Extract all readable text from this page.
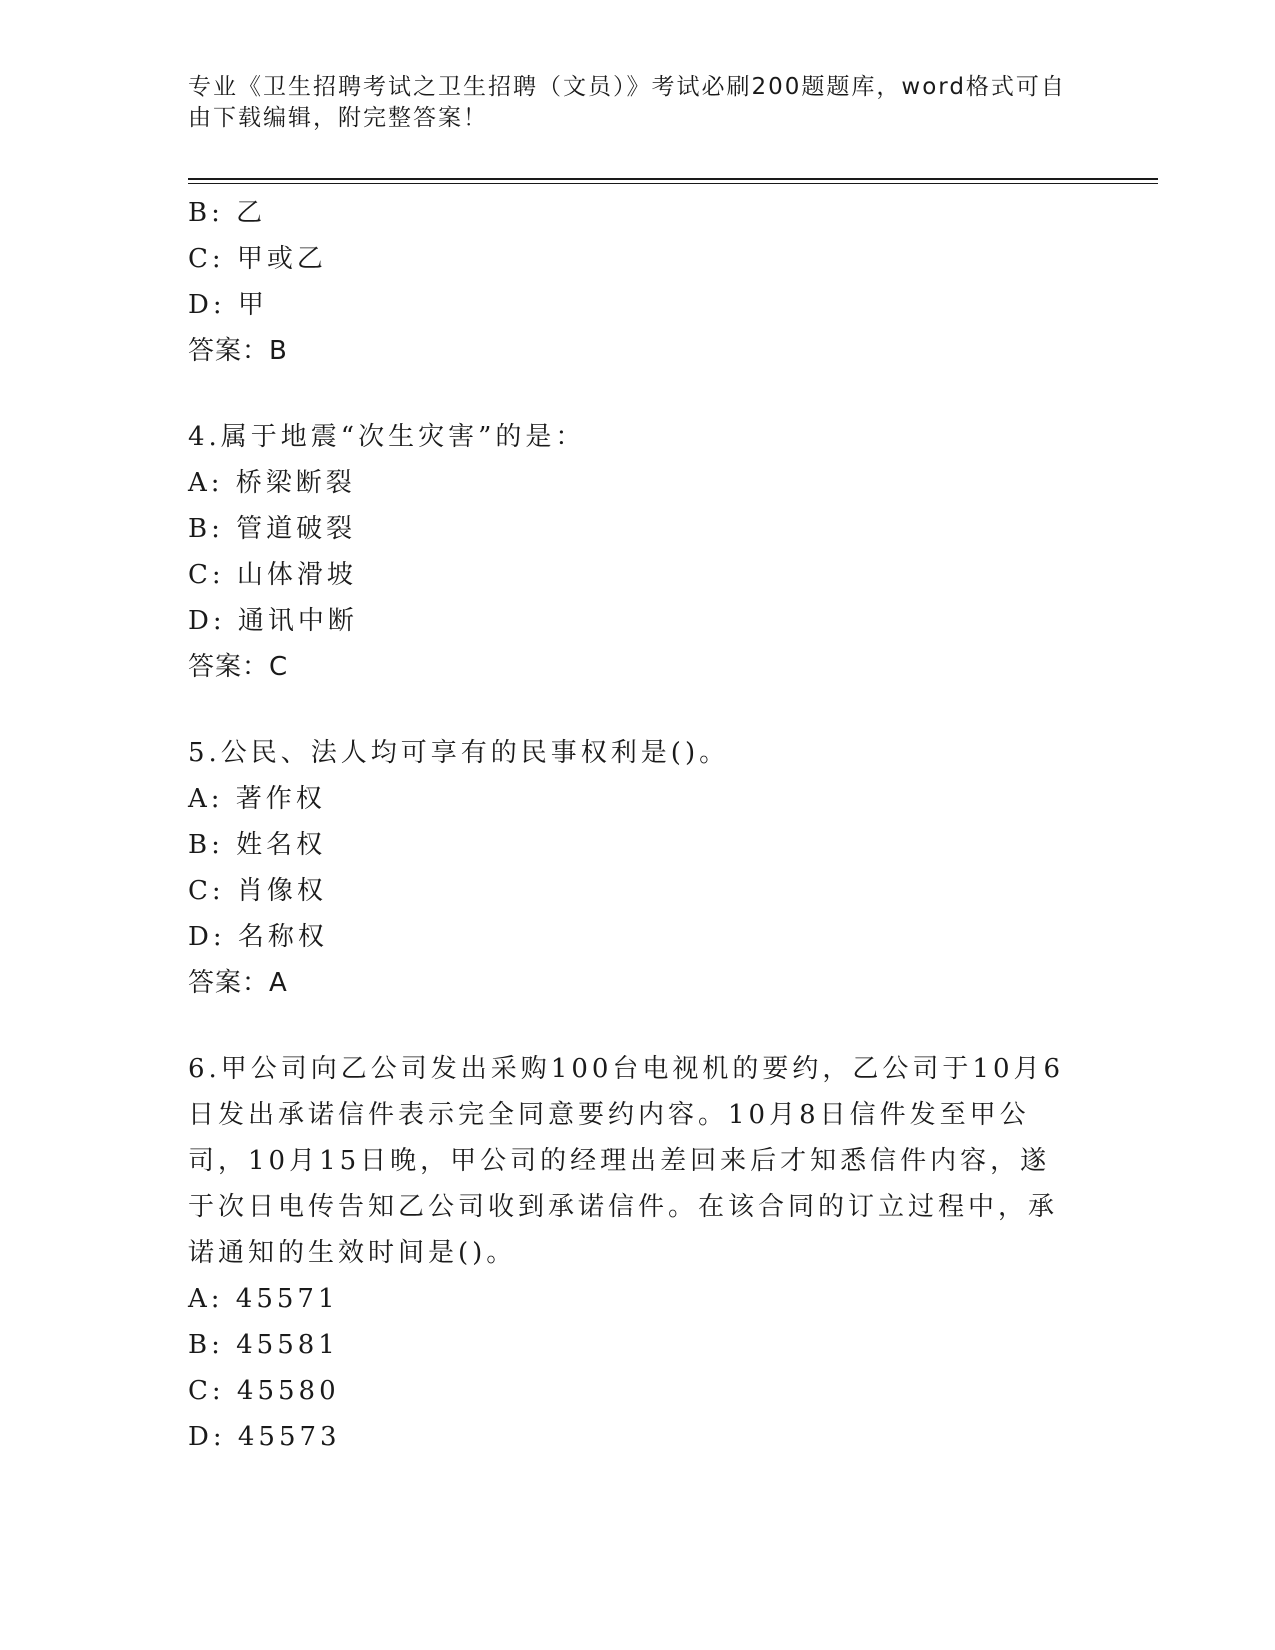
专业《卫生招聘考试之卫生招聘（文员）》考试必刷200题题库，word格式可自由下载编辑，附完整答案！
B: 乙
C: 甲或乙
D: 甲
答案：B
4.属于地震“次生灾害”的是：
A: 桥梁断裂
B: 管道破裂
C: 山体滑坡
D: 通讯中断
答案：C
5.公民、法人均可享有的民事权利是()。
A: 著作权
B: 姓名权
C: 肖像权
D: 名称权
答案：A
6.甲公司向乙公司发出采购100台电视机的要约，乙公司于10月6日发出承诺信件表示完全同意要约内容。10月8日信件发至甲公司，10月15日晚，甲公司的经理出差回来后才知悉信件内容，遂于次日电传告知乙公司收到承诺信件。在该合同的订立过程中，承诺通知的生效时间是()。
A: 45571
B: 45581
C: 45580
D: 45573
